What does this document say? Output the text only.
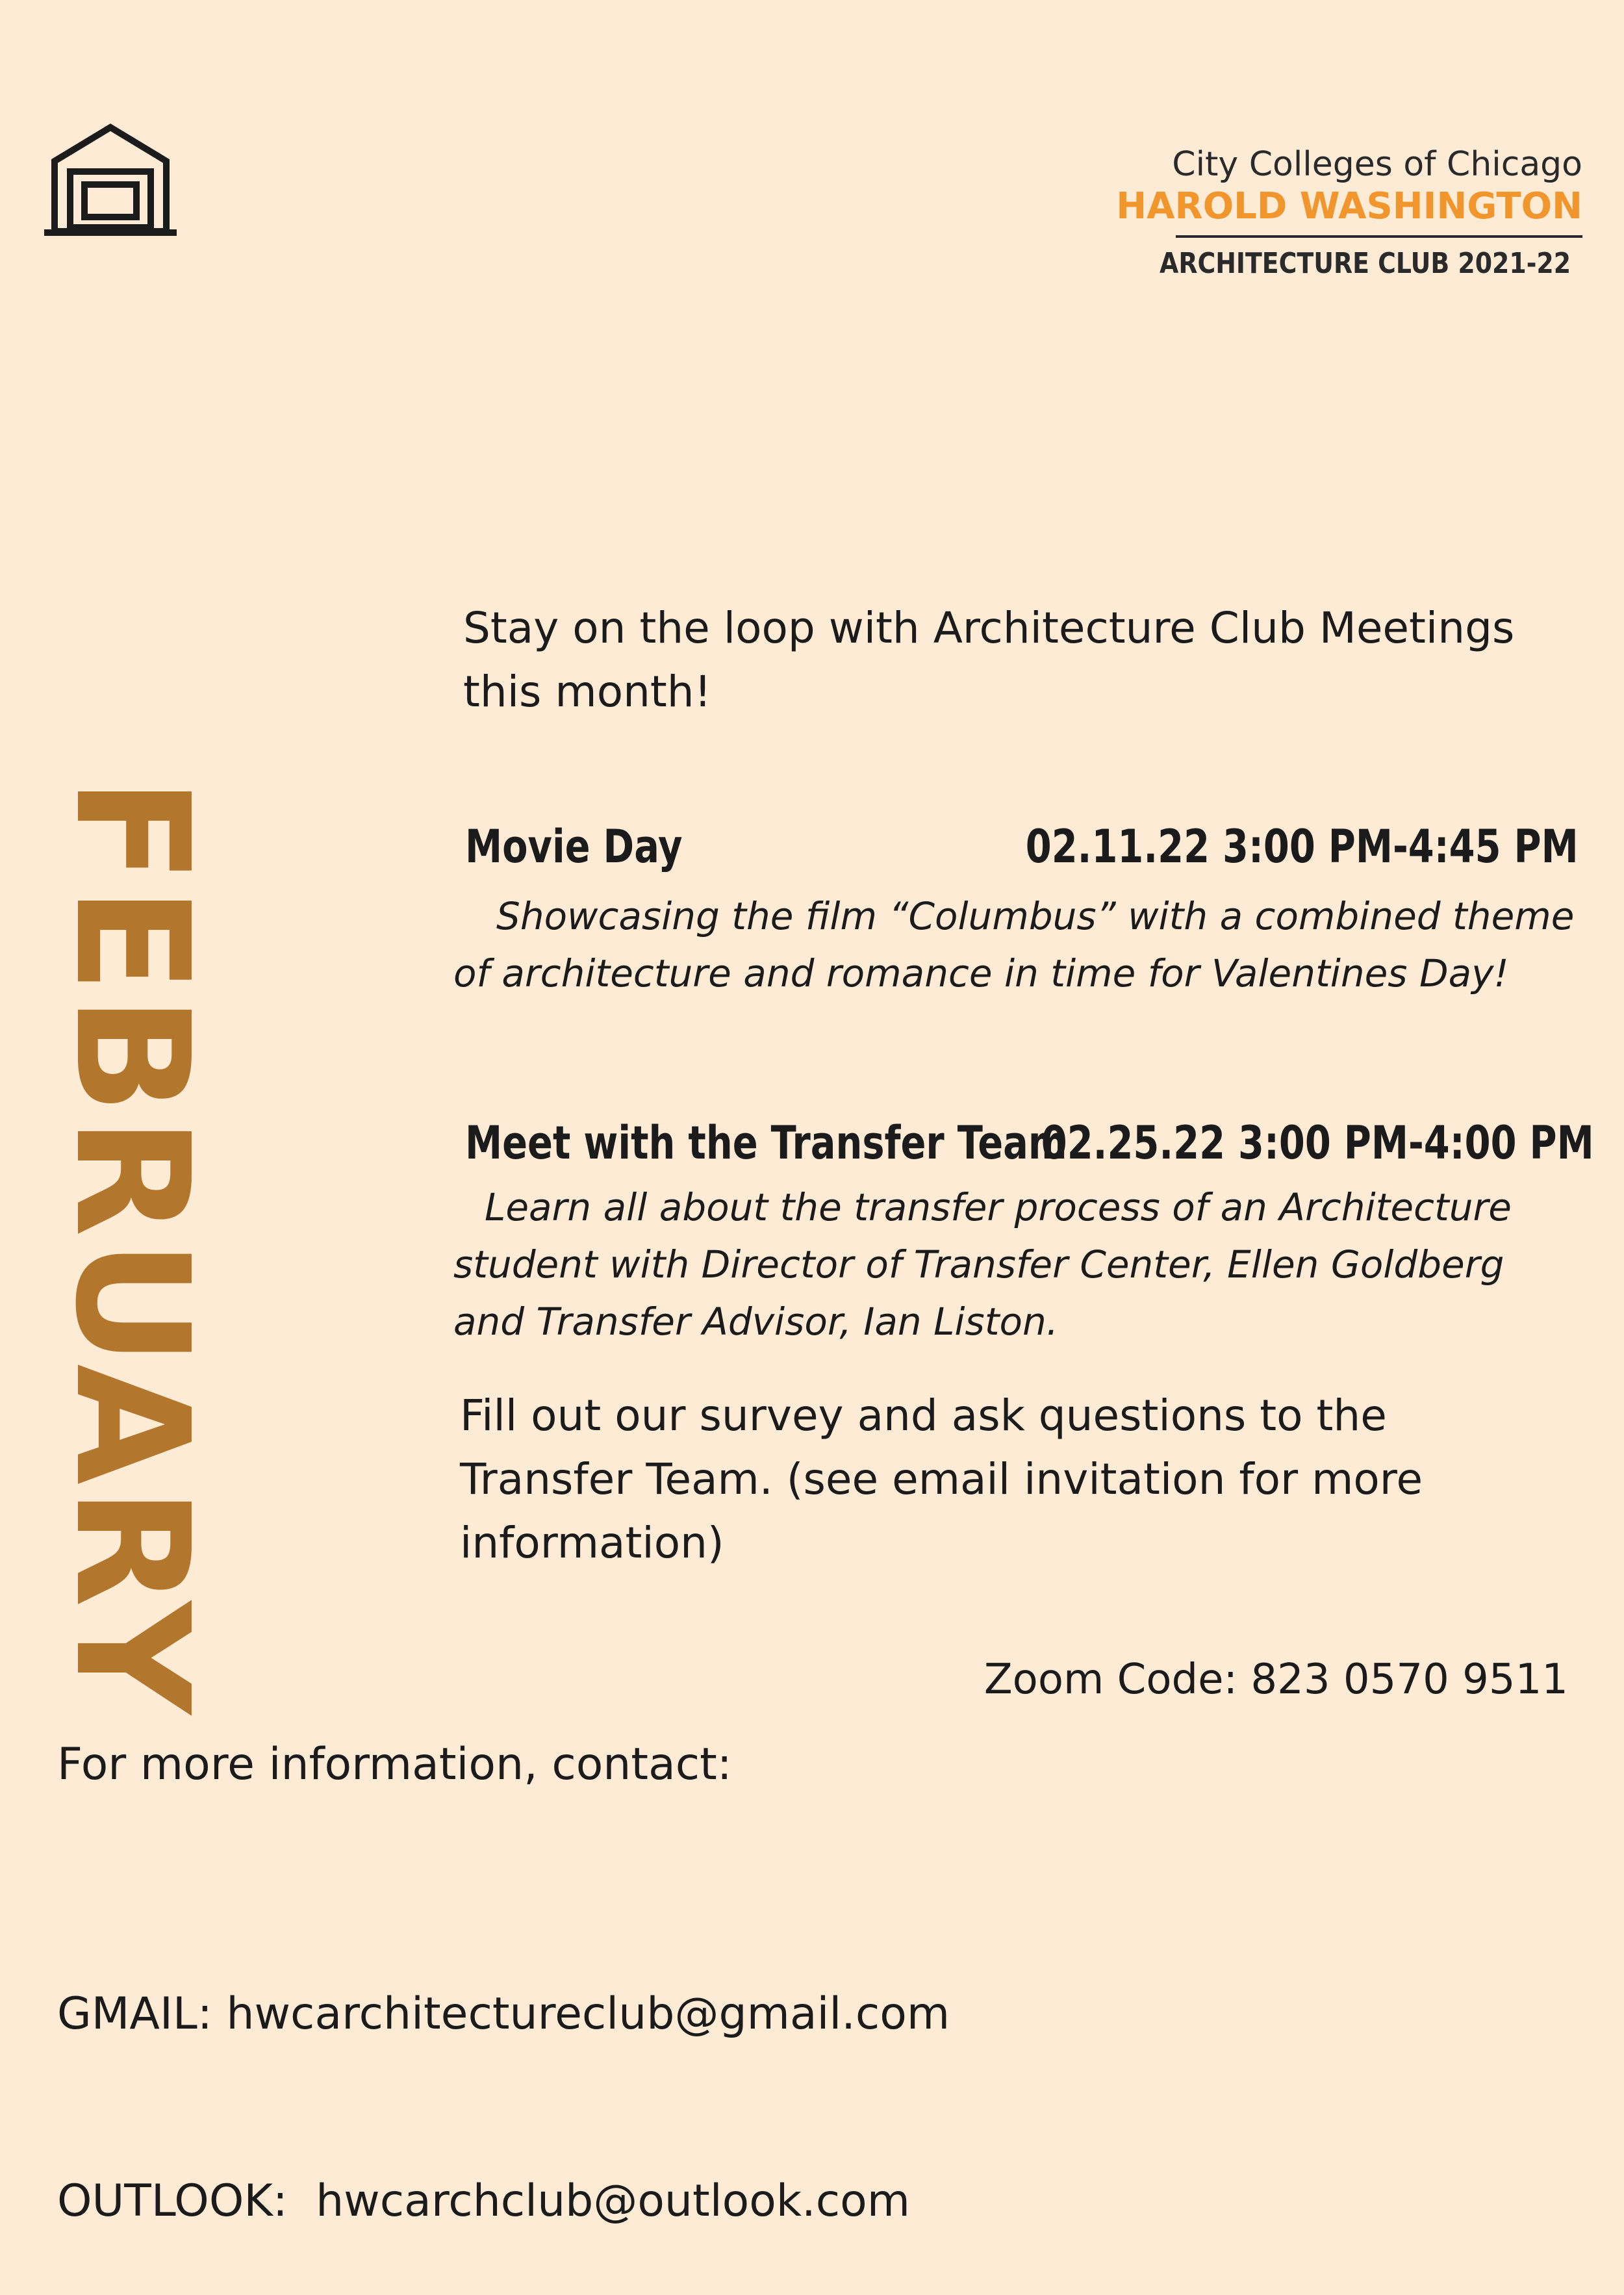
City Colleges of Chicago
HAROLD WASHINGTON
ARCHITECTURE CLUB 2021-22
FEBRUARY
Stay on the loop with Architecture Club Meetings this month!
Movie Day	02.11.22 3:00 PM-4:45 PM
Showcasing the film “Columbus” with a combined theme of architecture and romance in time for Valentines Day!
Meet with the Transfer Team
02.25.22 3:00 PM-4:00 PM
Learn all about the transfer process of an Architecture student with Director of Transfer Center, Ellen Goldberg and Transfer Advisor, Ian Liston.
Fill out our survey and ask questions to the Transfer Team. (see email invitation for more information)
Zoom Code: 823 0570 9511
For more information, contact:

GMAIL: hwcarchitectureclub@gmail.com

OUTLOOK:  hwcarchclub@outlook.com
